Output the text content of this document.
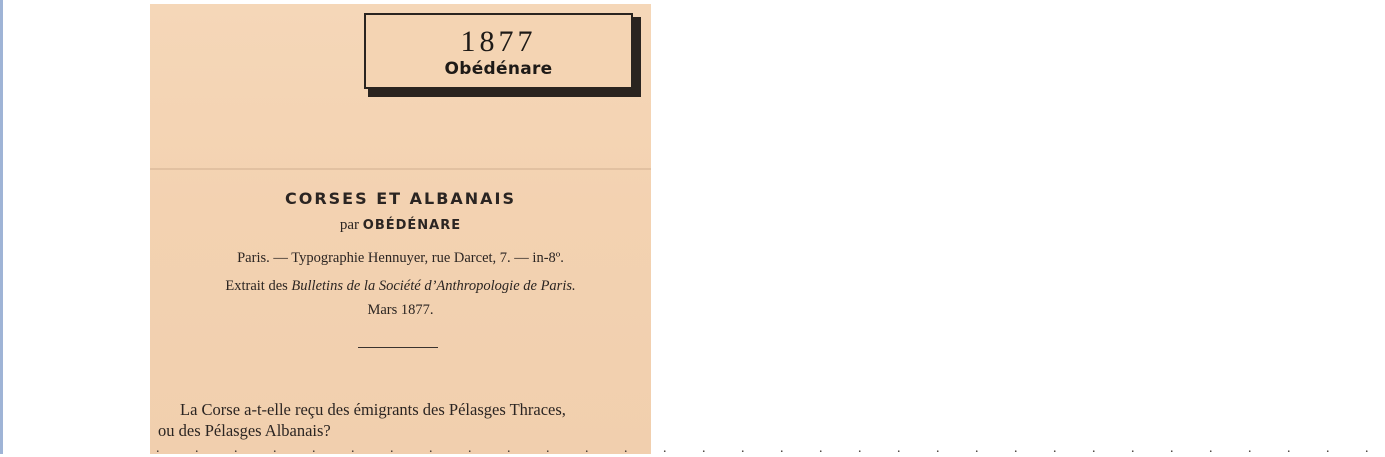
1877
Obédénare
CORSES ET ALBANAIS
par OBÉDÉNARE
Paris. — Typographie Hennuyer, rue Darcet, 7. — in-8º.
Extrait des Bulletins de la Société d’Anthropologie de Paris.
Mars 1877.
La Corse a-t-elle reçu des émigrants des Pélasges Thraces,
ou des Pélasges Albanais?
. . . . . . . . . . . . . . . . . . . . . . . . . . . . . . . .
